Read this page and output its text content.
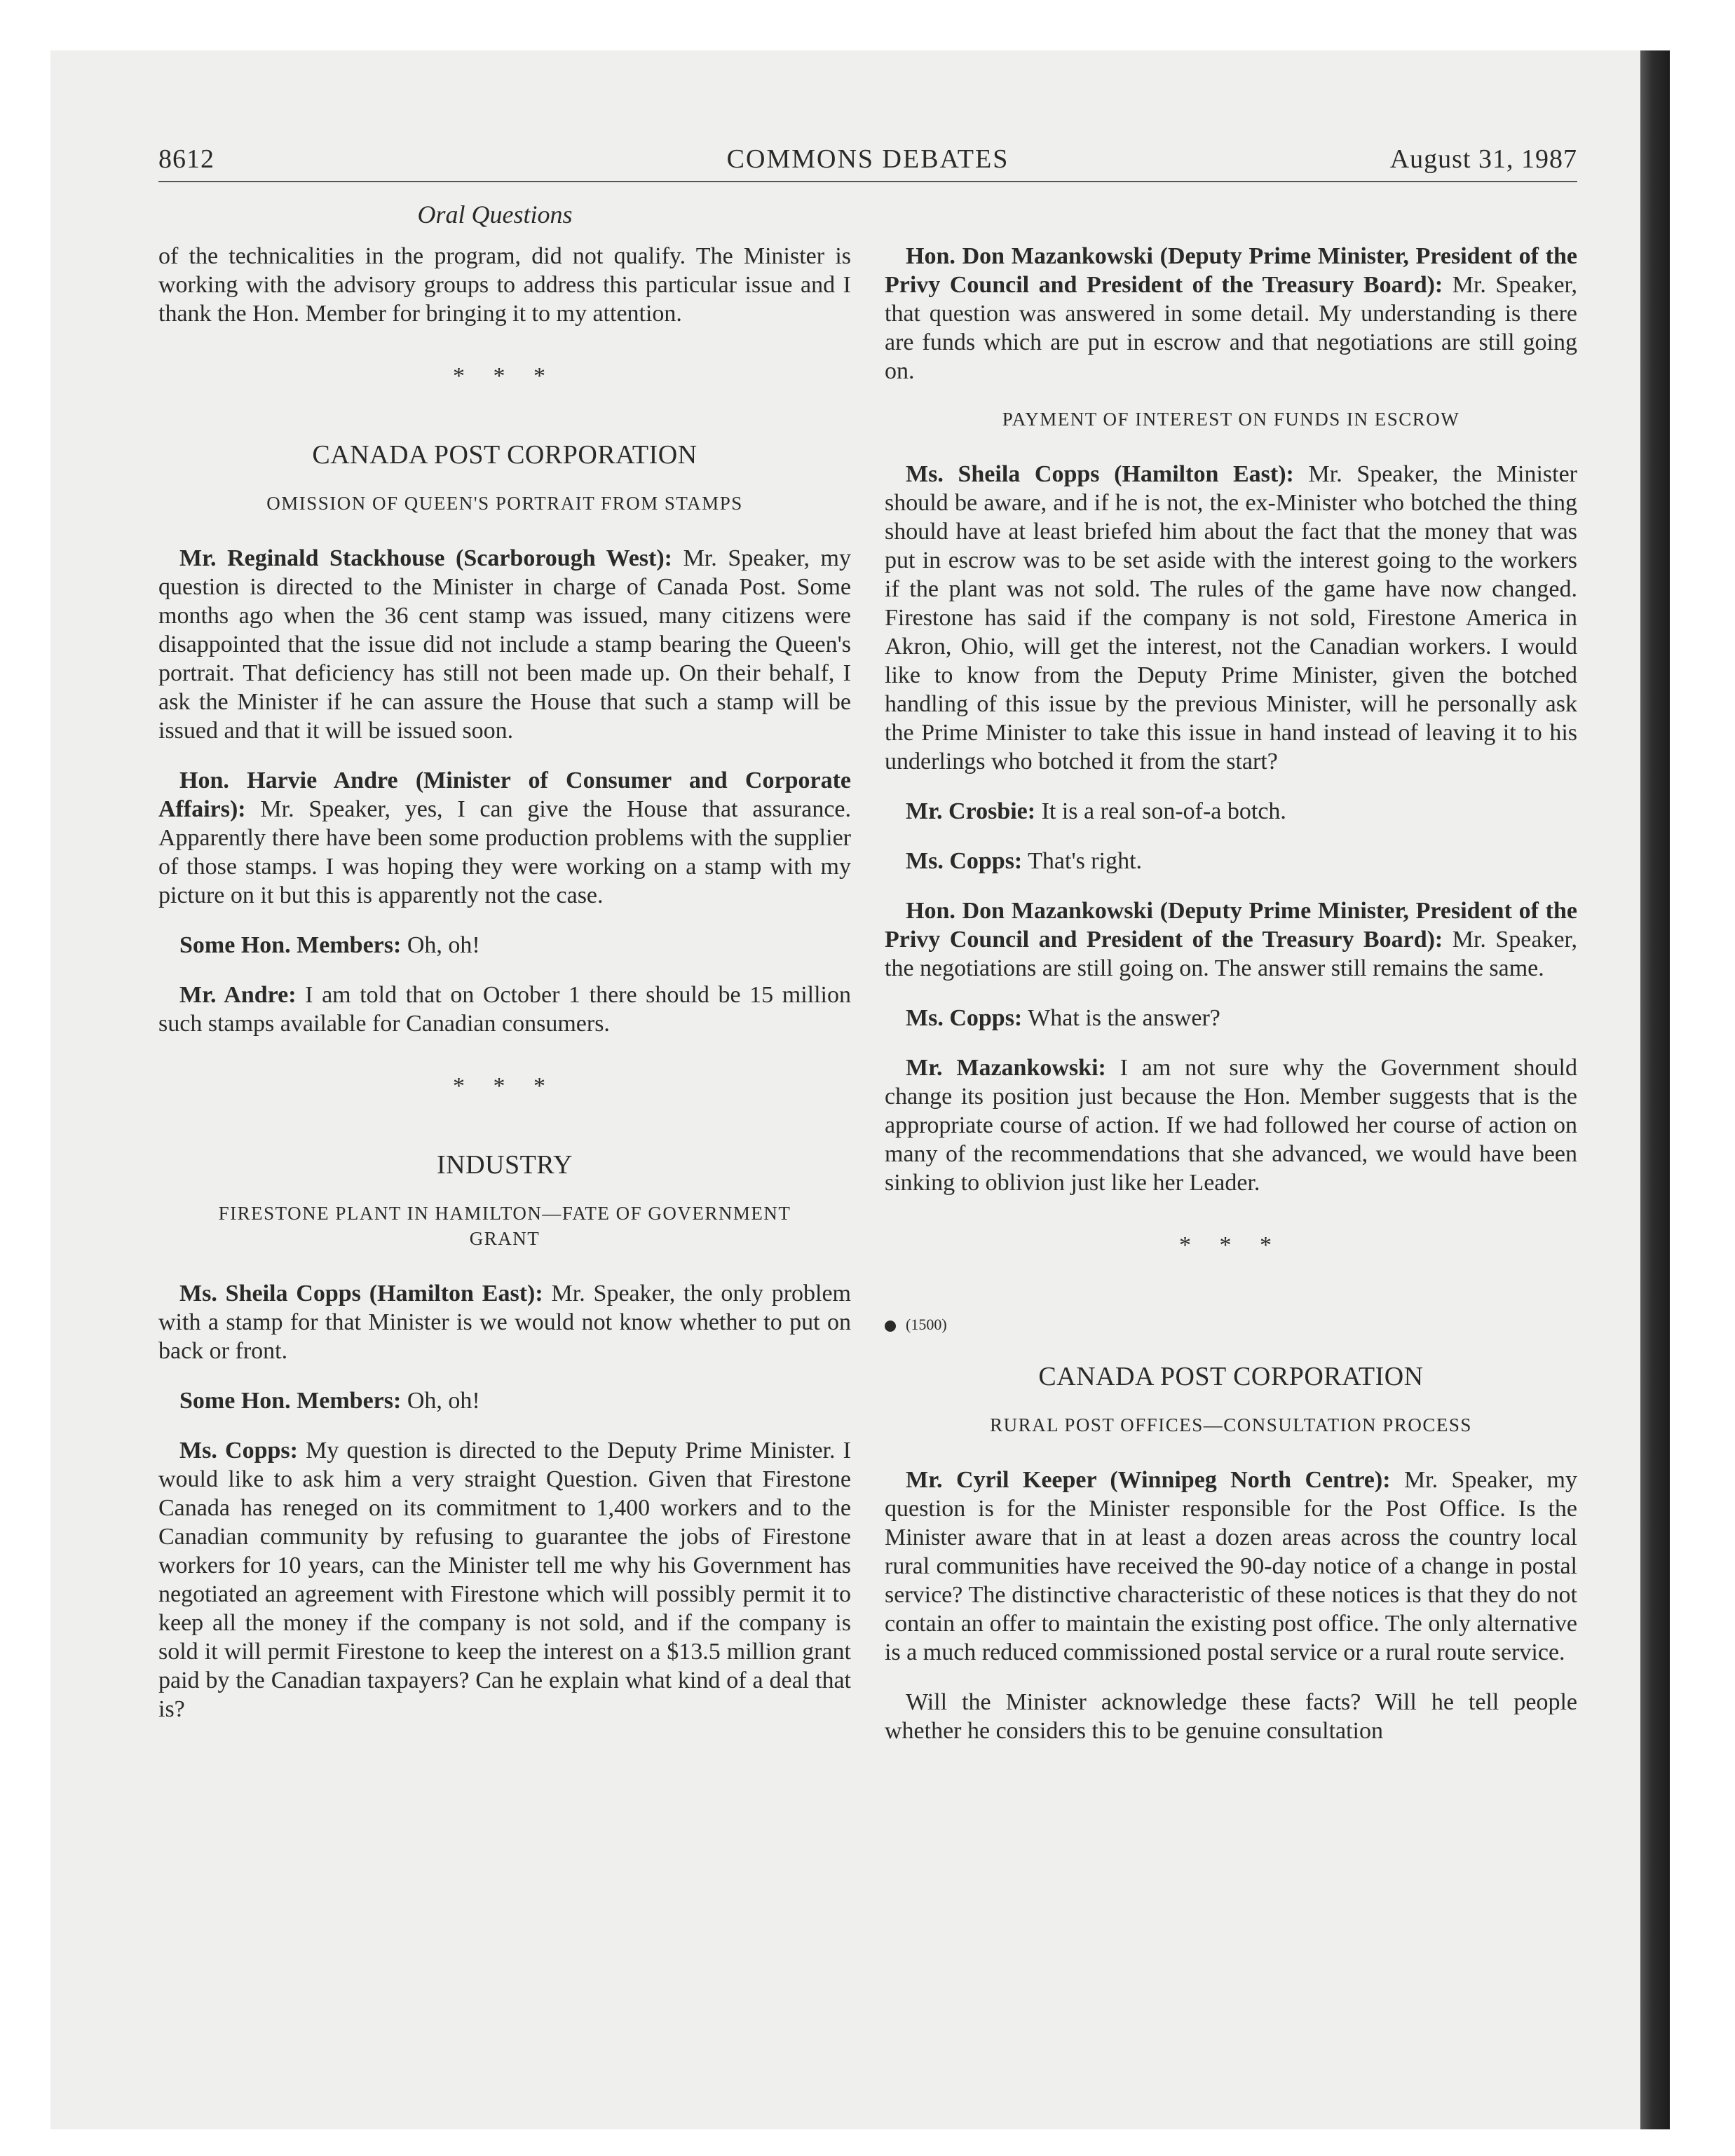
8612	COMMONS DEBATES	August 31, 1987
Oral Questions

of the technicalities in the program, did not qualify. The Minister is working with the advisory groups to address this particular issue and I thank the Hon. Member for bringing it to my attention.

* * *
CANADA POST CORPORATION
OMISSION OF QUEEN'S PORTRAIT FROM STAMPS

Mr. Reginald Stackhouse (Scarborough West): Mr. Speaker, my question is directed to the Minister in charge of Canada Post. Some months ago when the 36 cent stamp was issued, many citizens were disappointed that the issue did not include a stamp bearing the Queen's portrait. That deficiency has still not been made up. On their behalf, I ask the Minister if he can assure the House that such a stamp will be issued and that it will be issued soon.

Hon. Harvie Andre (Minister of Consumer and Corporate Affairs): Mr. Speaker, yes, I can give the House that assurance. Apparently there have been some production problems with the supplier of those stamps. I was hoping they were working on a stamp with my picture on it but this is apparently not the case.

Some Hon. Members: Oh, oh!

Mr. Andre: I am told that on October 1 there should be 15 million such stamps available for Canadian consumers.

* * *
INDUSTRY
FIRESTONE PLANT IN HAMILTON—FATE OF GOVERNMENT GRANT

Ms. Sheila Copps (Hamilton East): Mr. Speaker, the only problem with a stamp for that Minister is we would not know whether to put on back or front.

Some Hon. Members: Oh, oh!

Ms. Copps: My question is directed to the Deputy Prime Minister. I would like to ask him a very straight Question. Given that Firestone Canada has reneged on its commitment to 1,400 workers and to the Canadian community by refusing to guarantee the jobs of Firestone workers for 10 years, can the Minister tell me why his Government has negotiated an agreement with Firestone which will possibly permit it to keep all the money if the company is not sold, and if the company is sold it will permit Firestone to keep the interest on a $13.5 million grant paid by the Canadian taxpayers? Can he explain what kind of a deal that is?

Hon. Don Mazankowski (Deputy Prime Minister, President of the Privy Council and President of the Treasury Board): Mr. Speaker, that question was answered in some detail. My understanding is there are funds which are put in escrow and that negotiations are still going on.

PAYMENT OF INTEREST ON FUNDS IN ESCROW

Ms. Sheila Copps (Hamilton East): Mr. Speaker, the Minister should be aware, and if he is not, the ex-Minister who botched the thing should have at least briefed him about the fact that the money that was put in escrow was to be set aside with the interest going to the workers if the plant was not sold. The rules of the game have now changed. Firestone has said if the company is not sold, Firestone America in Akron, Ohio, will get the interest, not the Canadian workers. I would like to know from the Deputy Prime Minister, given the botched handling of this issue by the previous Minister, will he personally ask the Prime Minister to take this issue in hand instead of leaving it to his underlings who botched it from the start?

Mr. Crosbie: It is a real son-of-a botch.

Ms. Copps: That's right.

Hon. Don Mazankowski (Deputy Prime Minister, President of the Privy Council and President of the Treasury Board): Mr. Speaker, the negotiations are still going on. The answer still remains the same.

Ms. Copps: What is the answer?

Mr. Mazankowski: I am not sure why the Government should change its position just because the Hon. Member suggests that is the appropriate course of action. If we had followed her course of action on many of the recommendations that she advanced, we would have been sinking to oblivion just like her Leader.

* * *
(1500)
CANADA POST CORPORATION
RURAL POST OFFICES—CONSULTATION PROCESS

Mr. Cyril Keeper (Winnipeg North Centre): Mr. Speaker, my question is for the Minister responsible for the Post Office. Is the Minister aware that in at least a dozen areas across the country local rural communities have received the 90-day notice of a change in postal service? The distinctive characteristic of these notices is that they do not contain an offer to maintain the existing post office. The only alternative is a much reduced commissioned postal service or a rural route service.

Will the Minister acknowledge these facts? Will he tell people whether he considers this to be genuine consultation
